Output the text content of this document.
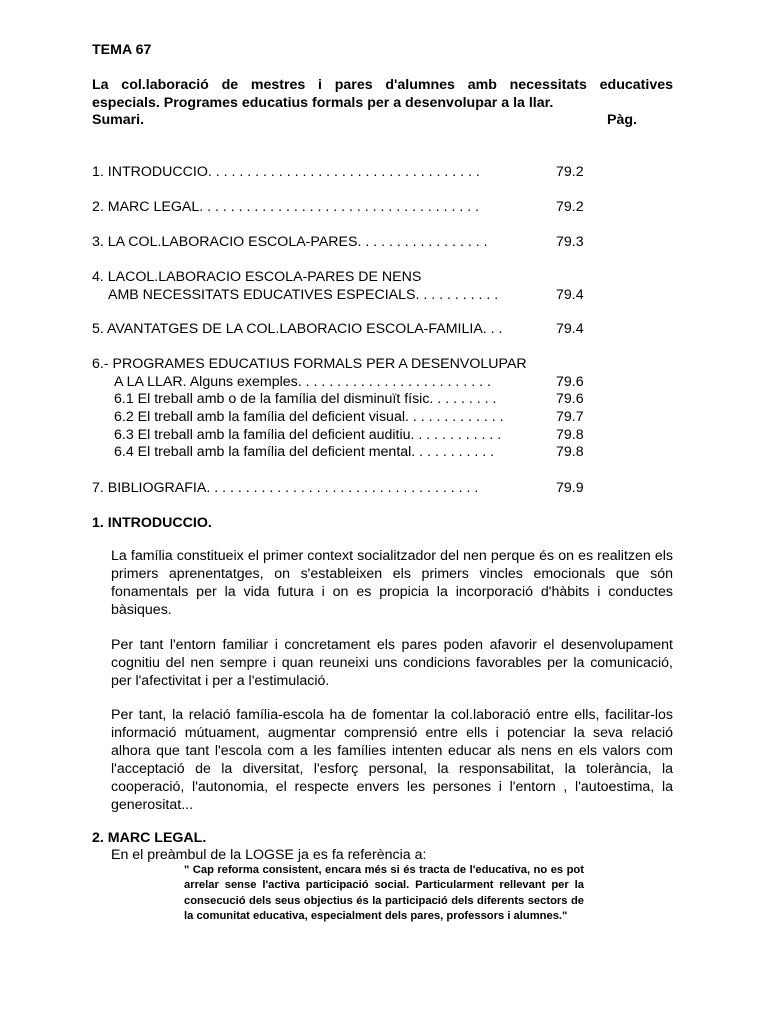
TEMA 67
La col.laboració de mestres i pares d'alumnes amb necessitats educatives
especials. Programes educatius formals per a desenvolupar a la llar.
Sumari.	Pàg.
1. INTRODUCCIO. . . . . . . . . . . . . . . . . . . . . . . . . . . . . . . . . . .	79.2
2. MARC LEGAL. . . . . . . . . . . . . . . . . . . . . . . . . . . . . . . . . . . .	79.2
3. LA COL.LABORACIO ESCOLA-PARES. . . . . . . . . . . . . . . . .	79.3
4. LACOL.LABORACIO ESCOLA-PARES DE NENS
AMB NECESSITATS EDUCATIVES ESPECIALS. . . . . . . . . . .	79.4
5. AVANTATGES DE LA COL.LABORACIO ESCOLA-FAMILIA. . .	79.4
6.- PROGRAMES EDUCATIUS FORMALS PER A DESENVOLUPAR
A LA LLAR. Alguns exemples. . . . . . . . . . . . . . . . . . . . . . . . .	79.6
6.1 El treball amb o de la família del disminuït físic. . . . . . . . .	79.6
6.2 El treball amb la família del deficient visual. . . . . . . . . . . . .	79.7
6.3 El treball amb la família del deficient auditiu. . . . . . . . . . . .	79.8
6.4 El treball amb la família del deficient mental. . . . . . . . . . .	79.8
7. BIBLIOGRAFIA. . . . . . . . . . . . . . . . . . . . . . . . . . . . . . . . . . .	79.9
1. INTRODUCCIO.
La família constitueix el primer context socialitzador del nen perque és on es realitzen els primers aprenentatges, on s'estableixen els primers vincles emocionals que són fonamentals per la vida futura i on es propicia la incorporació d'hàbits i conductes bàsiques.
Per tant l'entorn familiar i concretament els pares poden afavorir el desenvolupament cognitiu del nen sempre i quan reuneixi uns condicions favorables per la comunicació, per l'afectivitat i per a l'estimulació.
Per tant, la relació família-escola ha de fomentar la col.laboració entre ells, facilitar-los informació mútuament, augmentar comprensió entre ells i potenciar la seva relació alhora que tant l'escola com a les famílies intenten educar als nens en els valors com l'acceptació de la diversitat, l'esforç personal, la responsabilitat, la tolerància, la cooperació, l'autonomia, el respecte envers les persones i l'entorn , l'autoestima, la generositat...
2. MARC LEGAL.
En el preàmbul de la LOGSE ja es fa referència a:
" Cap reforma consistent, encara més si és tracta de l'educativa, no es pot arrelar sense l'activa participació social. Particularment rellevant per la consecució dels seus objectius és la participació dels diferents sectors de la comunitat educativa, especialment dels pares, professors i alumnes."
